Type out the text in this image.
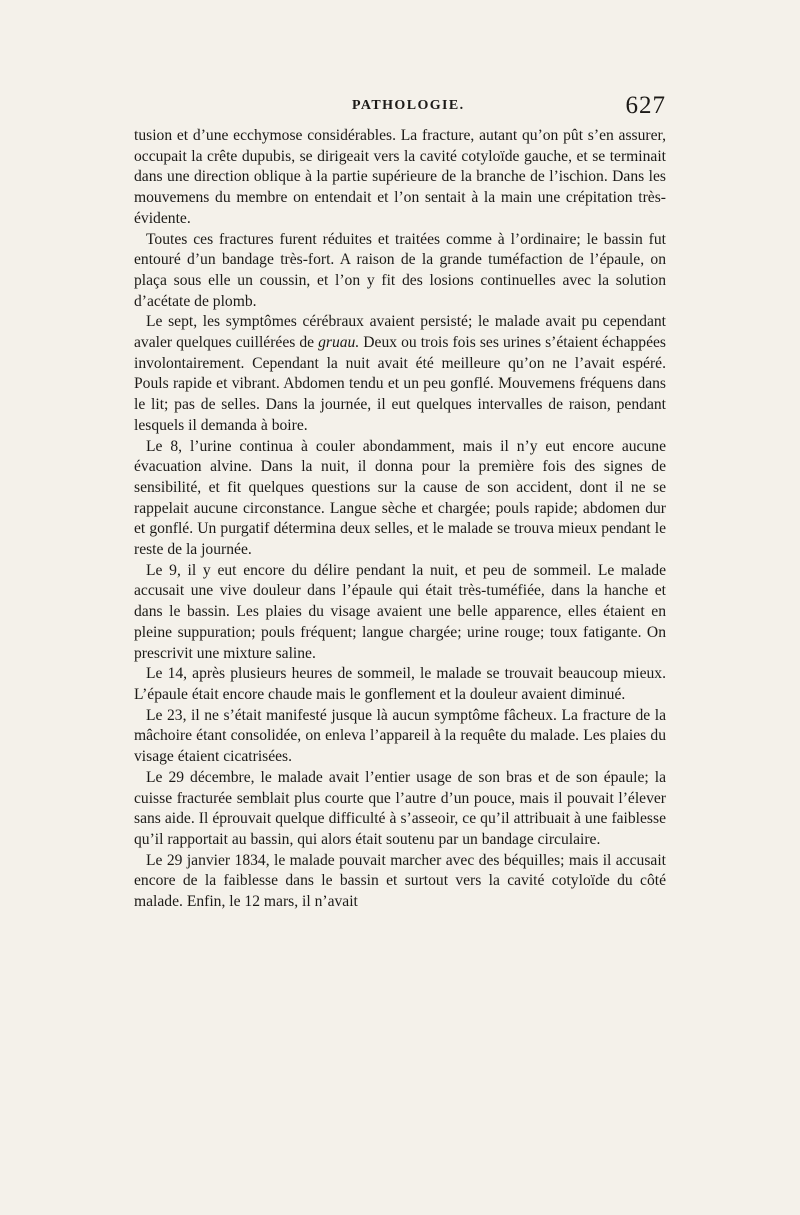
PATHOLOGIE.	627

tusion et d’une ecchymose considérables. La fracture, autant qu’on pût s’en assurer, occupait la crête dupubis, se dirigeait vers la cavité cotyloïde gauche, et se terminait dans une direction oblique à la partie supérieure de la branche de l’ischion. Dans les mouvemens du membre on entendait et l’on sentait à la main une crépitation très-évidente.

Toutes ces fractures furent réduites et traitées comme à l’ordinaire; le bassin fut entouré d’un bandage très-fort. A raison de la grande tuméfaction de l’épaule, on plaça sous elle un coussin, et l’on y fit des losions continuelles avec la solution d’acétate de plomb.

Le sept, les symptômes cérébraux avaient persisté; le malade avait pu cependant avaler quelques cuillérées de gruau. Deux ou trois fois ses urines s’étaient échappées involontairement. Cependant la nuit avait été meilleure qu’on ne l’avait espéré. Pouls rapide et vibrant. Abdomen tendu et un peu gonflé. Mouvemens fréquens dans le lit; pas de selles. Dans la journée, il eut quelques intervalles de raison, pendant lesquels il demanda à boire.

Le 8, l’urine continua à couler abondamment, mais il n’y eut encore aucune évacuation alvine. Dans la nuit, il donna pour la première fois des signes de sensibilité, et fit quelques questions sur la cause de son accident, dont il ne se rappelait aucune circonstance. Langue sèche et chargée; pouls rapide; abdomen dur et gonflé. Un purgatif détermina deux selles, et le malade se trouva mieux pendant le reste de la journée.

Le 9, il y eut encore du délire pendant la nuit, et peu de sommeil. Le malade accusait une vive douleur dans l’épaule qui était très-tuméfiée, dans la hanche et dans le bassin. Les plaies du visage avaient une belle apparence, elles étaient en pleine suppuration; pouls fréquent; langue chargée; urine rouge; toux fatigante. On prescrivit une mixture saline.

Le 14, après plusieurs heures de sommeil, le malade se trouvait beaucoup mieux. L’épaule était encore chaude mais le gonflement et la douleur avaient diminué.

Le 23, il ne s’était manifesté jusque là aucun symptôme fâcheux. La fracture de la mâchoire étant consolidée, on enleva l’appareil à la requête du malade. Les plaies du visage étaient cicatrisées.

Le 29 décembre, le malade avait l’entier usage de son bras et de son épaule; la cuisse fracturée semblait plus courte que l’autre d’un pouce, mais il pouvait l’élever sans aide. Il éprouvait quelque difficulté à s’asseoir, ce qu’il attribuait à une faiblesse qu’il rapportait au bassin, qui alors était soutenu par un bandage circulaire.

Le 29 janvier 1834, le malade pouvait marcher avec des béquilles; mais il accusait encore de la faiblesse dans le bassin et surtout vers la cavité cotyloïde du côté malade. Enfin, le 12 mars, il n’avait
